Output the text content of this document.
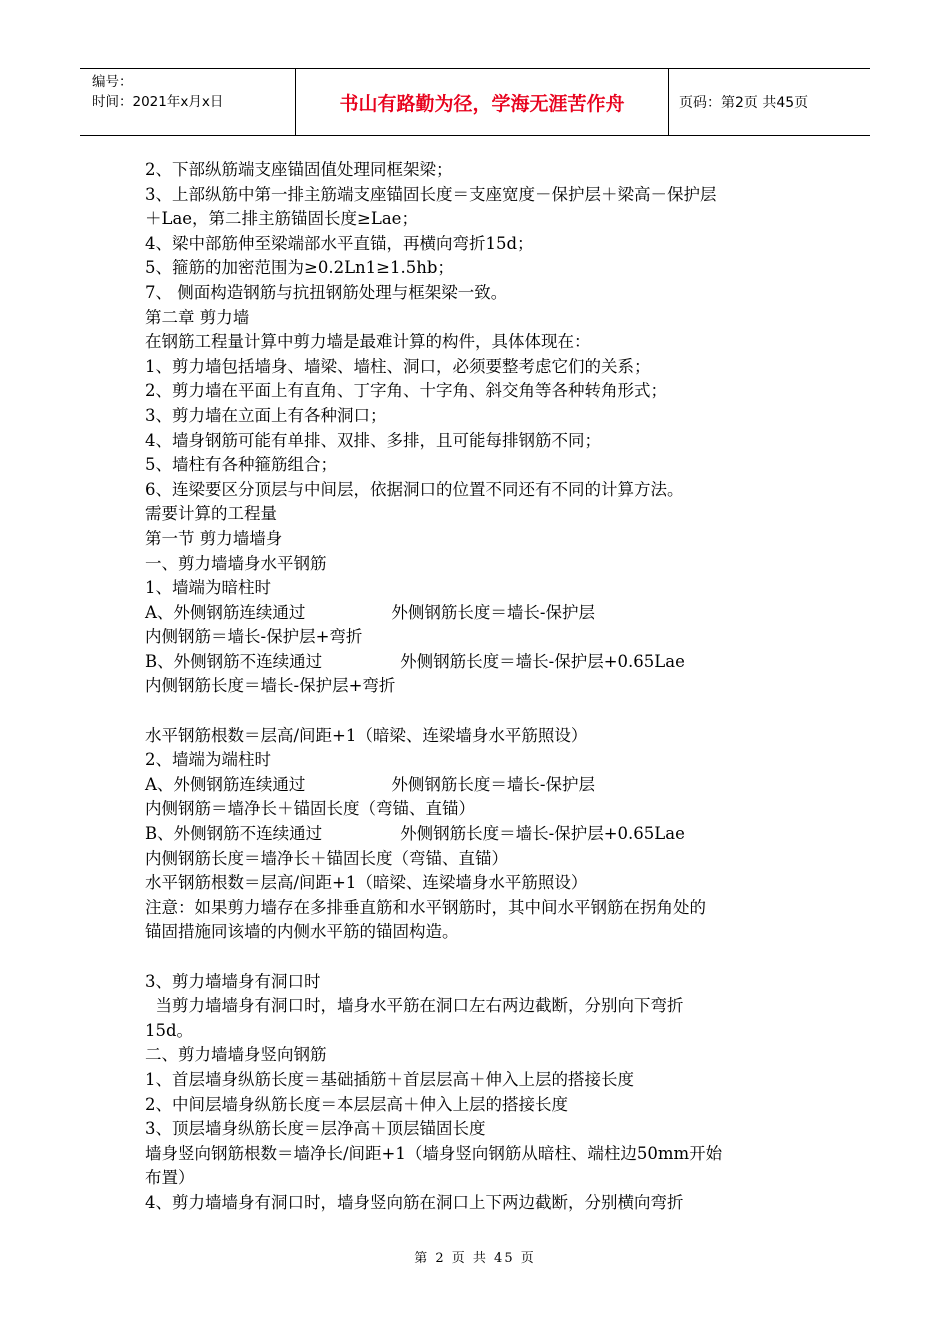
编号：
时间：2021年x月x日	书山有路勤为径，学海无涯苦作舟	页码：第2页 共45页
2、下部纵筋端支座锚固值处理同框架梁；
3、上部纵筋中第一排主筋端支座锚固长度＝支座宽度－保护层＋梁高－保护层
＋Lae，第二排主筋锚固长度≥Lae；
4、梁中部筋伸至梁端部水平直锚，再横向弯折15d；
5、箍筋的加密范围为≥0.2Ln1≥1.5hb；
7、 侧面构造钢筋与抗扭钢筋处理与框架梁一致。
第二章 剪力墙
在钢筋工程量计算中剪力墙是最难计算的构件，具体体现在：
1、剪力墙包括墙身、墙梁、墙柱、洞口，必须要整考虑它们的关系；
2、剪力墙在平面上有直角、丁字角、十字角、斜交角等各种转角形式；
3、剪力墙在立面上有各种洞口；
4、墙身钢筋可能有单排、双排、多排，且可能每排钢筋不同；
5、墙柱有各种箍筋组合；
6、连梁要区分顶层与中间层，依据洞口的位置不同还有不同的计算方法。
需要计算的工程量
第一节 剪力墙墙身
一、剪力墙墙身水平钢筋
1、墙端为暗柱时
A、外侧钢筋连续通过	外侧钢筋长度＝墙长-保护层
内侧钢筋＝墙长-保护层+弯折
B、外侧钢筋不连续通过	外侧钢筋长度＝墙长-保护层+0.65Lae
内侧钢筋长度＝墙长-保护层+弯折
水平钢筋根数＝层高/间距+1（暗梁、连梁墙身水平筋照设）
2、墙端为端柱时
A、外侧钢筋连续通过	外侧钢筋长度＝墙长-保护层
内侧钢筋＝墙净长＋锚固长度（弯锚、直锚）
B、外侧钢筋不连续通过	外侧钢筋长度＝墙长-保护层+0.65Lae
内侧钢筋长度＝墙净长＋锚固长度（弯锚、直锚）
水平钢筋根数＝层高/间距+1（暗梁、连梁墙身水平筋照设）
注意：如果剪力墙存在多排垂直筋和水平钢筋时，其中间水平钢筋在拐角处的
锚固措施同该墙的内侧水平筋的锚固构造。
3、剪力墙墙身有洞口时
当剪力墙墙身有洞口时，墙身水平筋在洞口左右两边截断，分别向下弯折
15d。
二、剪力墙墙身竖向钢筋
1、首层墙身纵筋长度＝基础插筋＋首层层高＋伸入上层的搭接长度
2、中间层墙身纵筋长度＝本层层高＋伸入上层的搭接长度
3、顶层墙身纵筋长度＝层净高＋顶层锚固长度
墙身竖向钢筋根数＝墙净长/间距+1（墙身竖向钢筋从暗柱、端柱边50mm开始
布置）
4、剪力墙墙身有洞口时，墙身竖向筋在洞口上下两边截断，分别横向弯折
第 2 页 共 45 页
